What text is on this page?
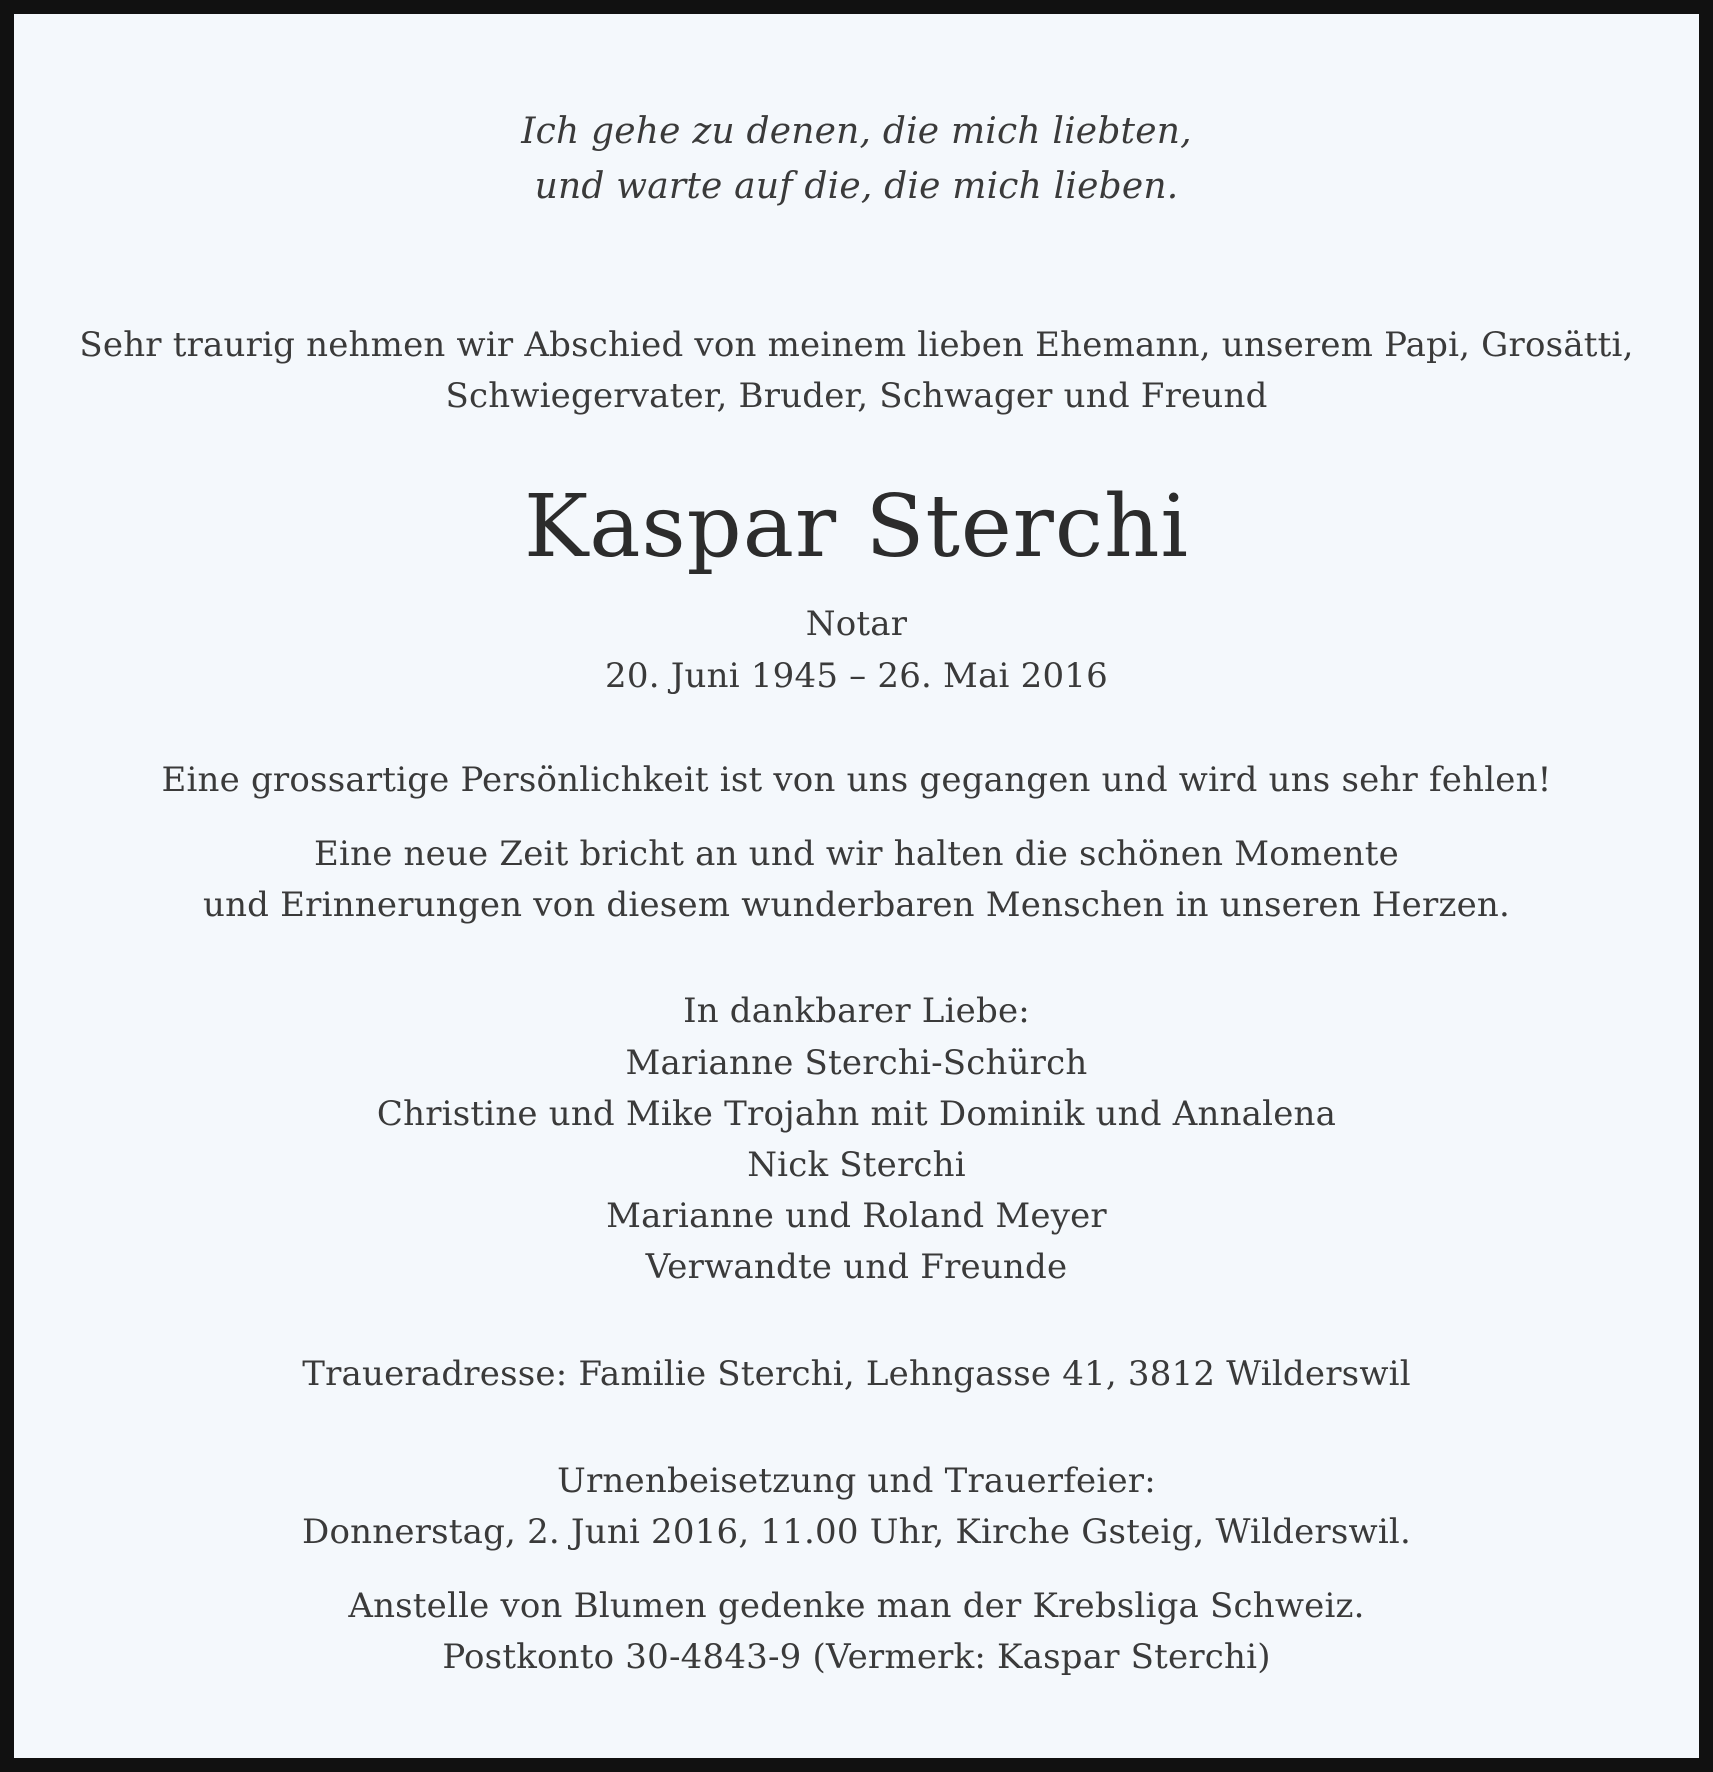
Ich gehe zu denen, die mich liebten,
und warte auf die, die mich lieben.
Sehr traurig nehmen wir Abschied von meinem lieben Ehemann, unserem Papi, Grosätti,
Schwiegervater, Bruder, Schwager und Freund
Kaspar Sterchi
Notar
20. Juni 1945 – 26. Mai 2016
Eine grossartige Persönlichkeit ist von uns gegangen und wird uns sehr fehlen!
Eine neue Zeit bricht an und wir halten die schönen Momente
und Erinnerungen von diesem wunderbaren Menschen in unseren Herzen.
In dankbarer Liebe:
Marianne Sterchi-Schürch
Christine und Mike Trojahn mit Dominik und Annalena
Nick Sterchi
Marianne und Roland Meyer
Verwandte und Freunde
Traueradresse: Familie Sterchi, Lehngasse 41, 3812 Wilderswil
Urnenbeisetzung und Trauerfeier:
Donnerstag, 2. Juni 2016, 11.00 Uhr, Kirche Gsteig, Wilderswil.
Anstelle von Blumen gedenke man der Krebsliga Schweiz.
Postkonto 30-4843-9 (Vermerk: Kaspar Sterchi)
